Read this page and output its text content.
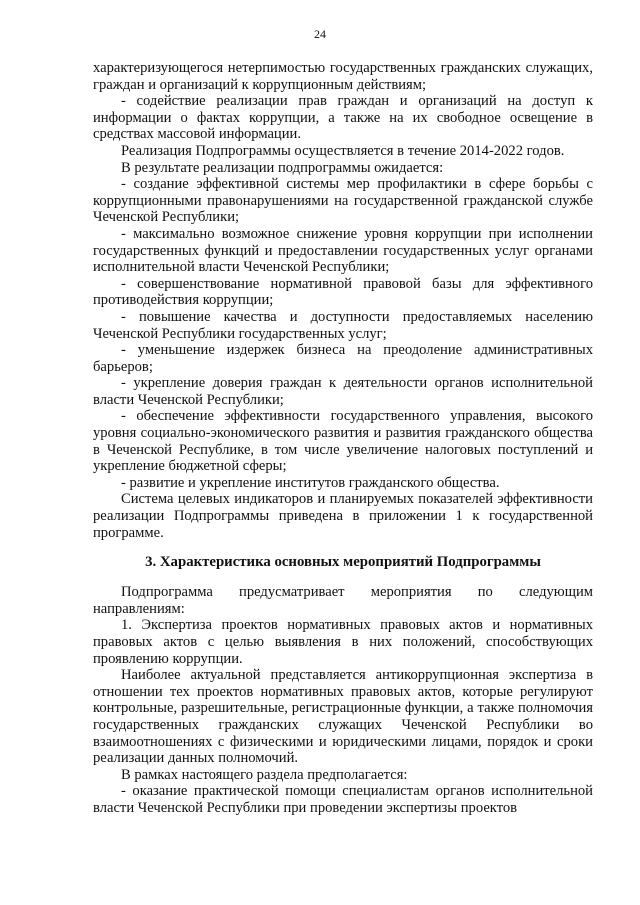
24

характеризующегося нетерпимостью государственных гражданских служащих, граждан и организаций к коррупционным действиям;

- содействие реализации прав граждан и организаций на доступ к информации о фактах коррупции, а также на их свободное освещение в средствах массовой информации.

Реализация Подпрограммы осуществляется в течение 2014-2022 годов.

В результате реализации подпрограммы ожидается:

- создание эффективной системы мер профилактики в сфере борьбы с коррупционными правонарушениями на государственной гражданской службе Чеченской Республики;

- максимально возможное снижение уровня коррупции при исполнении государственных функций и предоставлении государственных услуг органами исполнительной власти Чеченской Республики;

- совершенствование нормативной правовой базы для эффективного противодействия коррупции;

- повышение качества и доступности предоставляемых населению Чеченской Республики государственных услуг;

- уменьшение издержек бизнеса на преодоление административных барьеров;

- укрепление доверия граждан к деятельности органов исполнительной власти Чеченской Республики;

- обеспечение эффективности государственного управления, высокого уровня социально-экономического развития и развития гражданского общества в Чеченской Республике, в том числе увеличение налоговых поступлений и укрепление бюджетной сферы;

- развитие и укрепление институтов гражданского общества.

Система целевых индикаторов и планируемых показателей эффективности реализации Подпрограммы приведена в приложении 1 к государственной программе.

3. Характеристика основных мероприятий Подпрограммы

Подпрограмма предусматривает мероприятия по следующим направлениям:

1. Экспертиза проектов нормативных правовых актов и нормативных правовых актов с целью выявления в них положений, способствующих проявлению коррупции.

Наиболее актуальной представляется антикоррупционная экспертиза в отношении тех проектов нормативных правовых актов, которые регулируют контрольные, разрешительные, регистрационные функции, а также полномочия государственных гражданских служащих Чеченской Республики во взаимоотношениях с физическими и юридическими лицами, порядок и сроки реализации данных полномочий.

В рамках настоящего раздела предполагается:

- оказание практической помощи специалистам органов исполнительной власти Чеченской Республики при проведении экспертизы проектов
